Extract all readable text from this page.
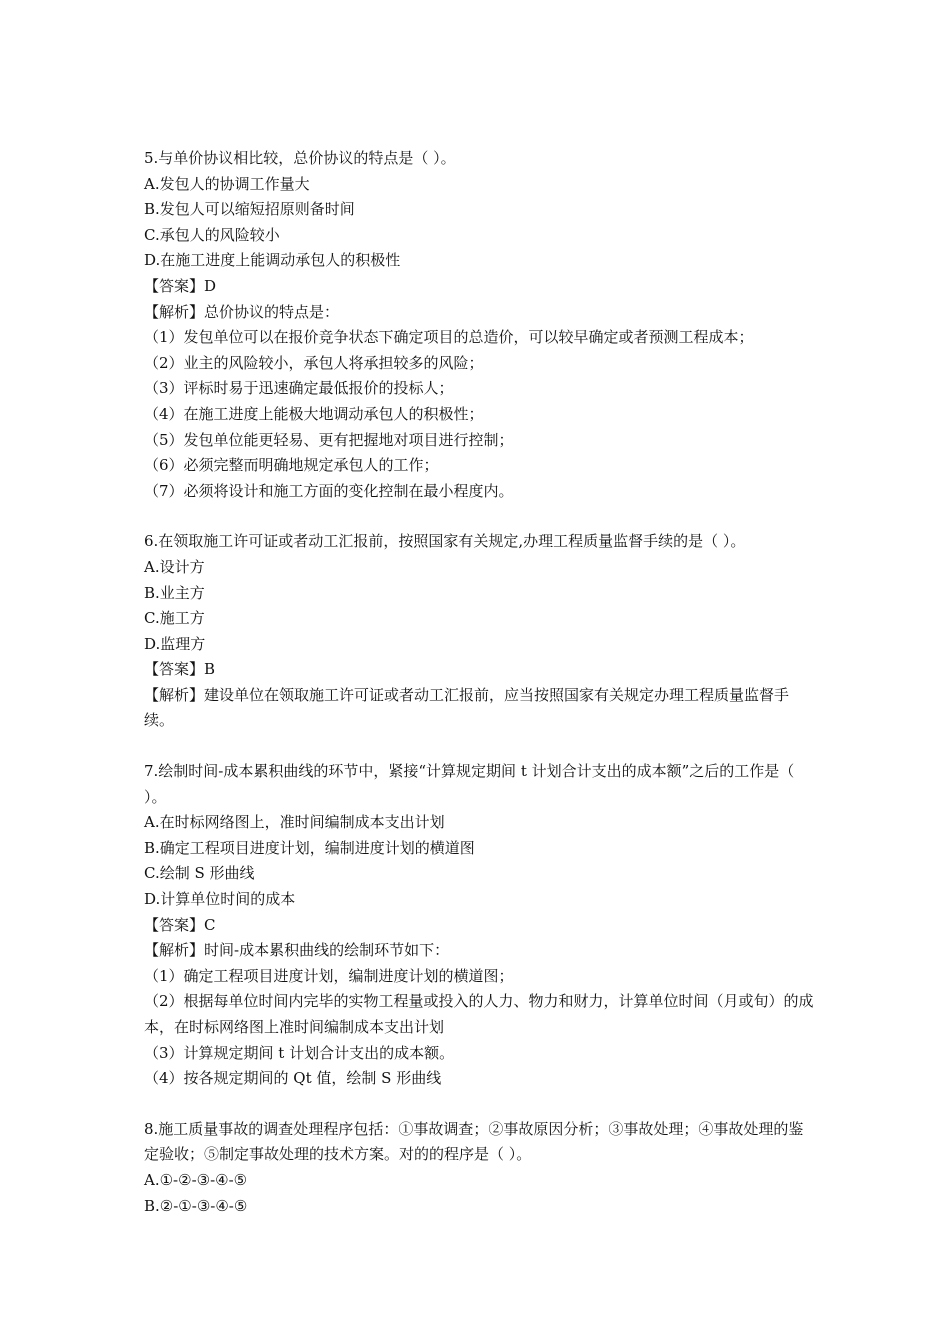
5.与单价协议相比较，总价协议的特点是（ ）。
A.发包人的协调工作量大
B.发包人可以缩短招原则备时间
C.承包人的风险较小
D.在施工进度上能调动承包人的积极性
【答案】D
【解析】总价协议的特点是：
（1）发包单位可以在报价竞争状态下确定项目的总造价，可以较早确定或者预测工程成本；
（2）业主的风险较小，承包人将承担较多的风险；
（3）评标时易于迅速确定最低报价的投标人；
（4）在施工进度上能极大地调动承包人的积极性；
（5）发包单位能更轻易、更有把握地对项目进行控制；
（6）必须完整而明确地规定承包人的工作；
（7）必须将设计和施工方面的变化控制在最小程度内。
6.在领取施工许可证或者动工汇报前，按照国家有关规定,办理工程质量监督手续的是（ ）。
A.设计方
B.业主方
C.施工方
D.监理方
【答案】B
【解析】建设单位在领取施工许可证或者动工汇报前，应当按照国家有关规定办理工程质量监督手续。
7.绘制时间-成本累积曲线的环节中，紧接“计算规定期间 t 计划合计支出的成本额”之后的工作是（ ）。
A.在时标网络图上，准时间编制成本支出计划
B.确定工程项目进度计划，编制进度计划的横道图
C.绘制 S 形曲线
D.计算单位时间的成本
【答案】C
【解析】时间-成本累积曲线的绘制环节如下：
（1）确定工程项目进度计划，编制进度计划的横道图；
（2）根据每单位时间内完毕的实物工程量或投入的人力、物力和财力，计算单位时间（月或旬）的成本，在时标网络图上准时间编制成本支出计划
（3）计算规定期间 t 计划合计支出的成本额。
（4）按各规定期间的 Qt 值，绘制 S 形曲线
8.施工质量事故的调查处理程序包括：①事故调查；②事故原因分析；③事故处理；④事故处理的鉴定验收；⑤制定事故处理的技术方案。对的的程序是（ ）。
A.①-②-③-④-⑤
B.②-①-③-④-⑤
